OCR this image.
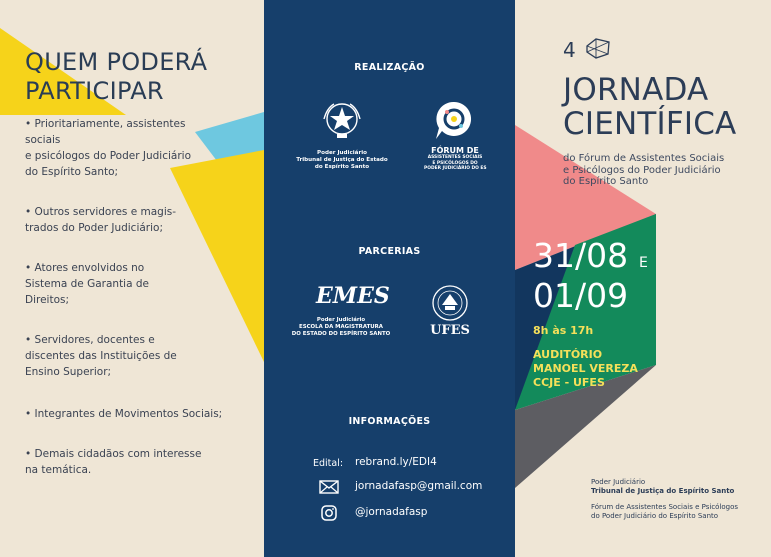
QUEM PODERÁ
PARTICIPAR
• Prioritariamente, assistentes
sociais
e psicólogos do Poder Judiciário
do Espírito Santo;
• Outros servidores e magis-
trados do Poder Judiciário;
• Atores envolvidos no
Sistema de Garantia de
Direitos;
• Servidores, docentes e
discentes das Instituições de
Ensino Superior;
• Integrantes de Movimentos Sociais;
• Demais cidadãos com interesse
na temática.
REALIZAÇÃO
Poder Judiciário
Tribunal de Justiça do Estado
do Espírito Santo
FÓRUM DE
ASSISTENTES SOCIAIS
E PSICÓLOGOS DO
PODER JUDICIÁRIO DO ES
PARCERIAS
EMES
Poder Judiciário
ESCOLA DA MAGISTRATURA
DO ESTADO DO ESPÍRITO SANTO	UFES
INFORMAÇÕES
Edital: rebrand.ly/EDI4
jornadafasp@gmail.com
@jornadafasp
4
JORNADA
CIENTÍFICA
do Fórum de Assistentes Sociais
e Psicólogos do Poder Judiciário
do Espírito Santo
31/08 E
01/09
8h às 17h
AUDITÓRIO
MANOEL VEREZA
CCJE - UFES
Poder Judiciário
Tribunal de Justiça do Espírito Santo
Fórum de Assistentes Sociais e Psicólogos
do Poder Judiciário do Espírito Santo
